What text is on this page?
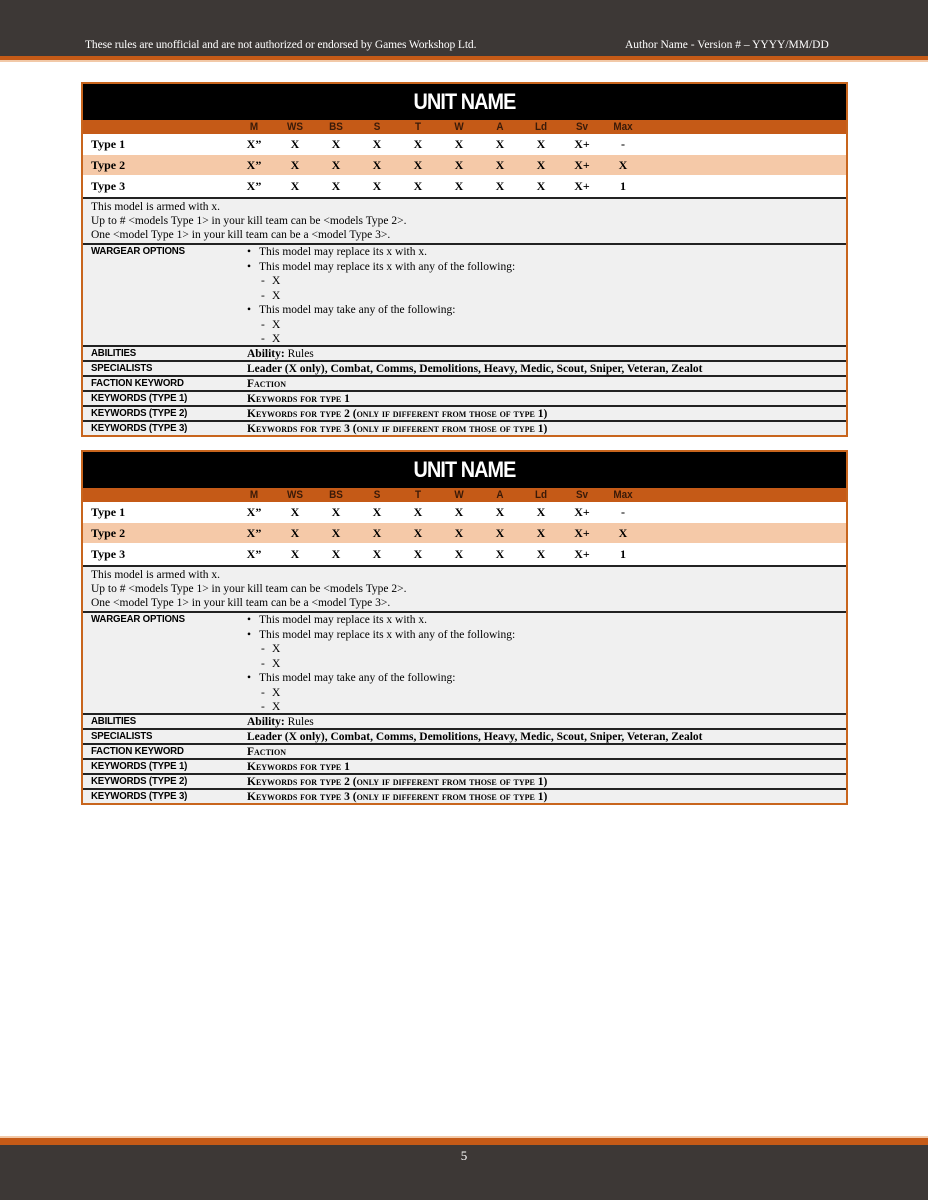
These rules are unofficial and are not authorized or endorsed by Games Workshop Ltd.	Author Name - Version # – YYYY/MM/DD
UNIT NAME
M	WS	BS	S	T	W	A	Ld	Sv	Max
Type 1	X”	X	X	X	X	X	X	X	X+	-
Type 2	X”	X	X	X	X	X	X	X	X+	X
Type 3	X”	X	X	X	X	X	X	X	X+	1
This model is armed with x.
Up to # <models Type 1> in your kill team can be <models Type 2>.
One <model Type 1> in your kill team can be a <model Type 3>.
WARGEAR OPTIONS	• This model may replace its x with x.
• This model may replace its x with any of the following:
- X
- X
• This model may take any of the following:
- X
- X
ABILITIES	Ability: Rules
SPECIALISTS	Leader (X only), Combat, Comms, Demolitions, Heavy, Medic, Scout, Sniper, Veteran, Zealot
FACTION KEYWORD	Faction
KEYWORDS (TYPE 1)	Keywords for type 1
KEYWORDS (TYPE 2)	Keywords for type 2 (only if different from those of type 1)
KEYWORDS (TYPE 3)	Keywords for type 3 (only if different from those of type 1)
UNIT NAME
M	WS	BS	S	T	W	A	Ld	Sv	Max
Type 1	X”	X	X	X	X	X	X	X	X+	-
Type 2	X”	X	X	X	X	X	X	X	X+	X
Type 3	X”	X	X	X	X	X	X	X	X+	1
This model is armed with x.
Up to # <models Type 1> in your kill team can be <models Type 2>.
One <model Type 1> in your kill team can be a <model Type 3>.
WARGEAR OPTIONS	• This model may replace its x with x.
• This model may replace its x with any of the following:
- X
- X
• This model may take any of the following:
- X
- X
ABILITIES	Ability: Rules
SPECIALISTS	Leader (X only), Combat, Comms, Demolitions, Heavy, Medic, Scout, Sniper, Veteran, Zealot
FACTION KEYWORD	Faction
KEYWORDS (TYPE 1)	Keywords for type 1
KEYWORDS (TYPE 2)	Keywords for type 2 (only if different from those of type 1)
KEYWORDS (TYPE 3)	Keywords for type 3 (only if different from those of type 1)
5
